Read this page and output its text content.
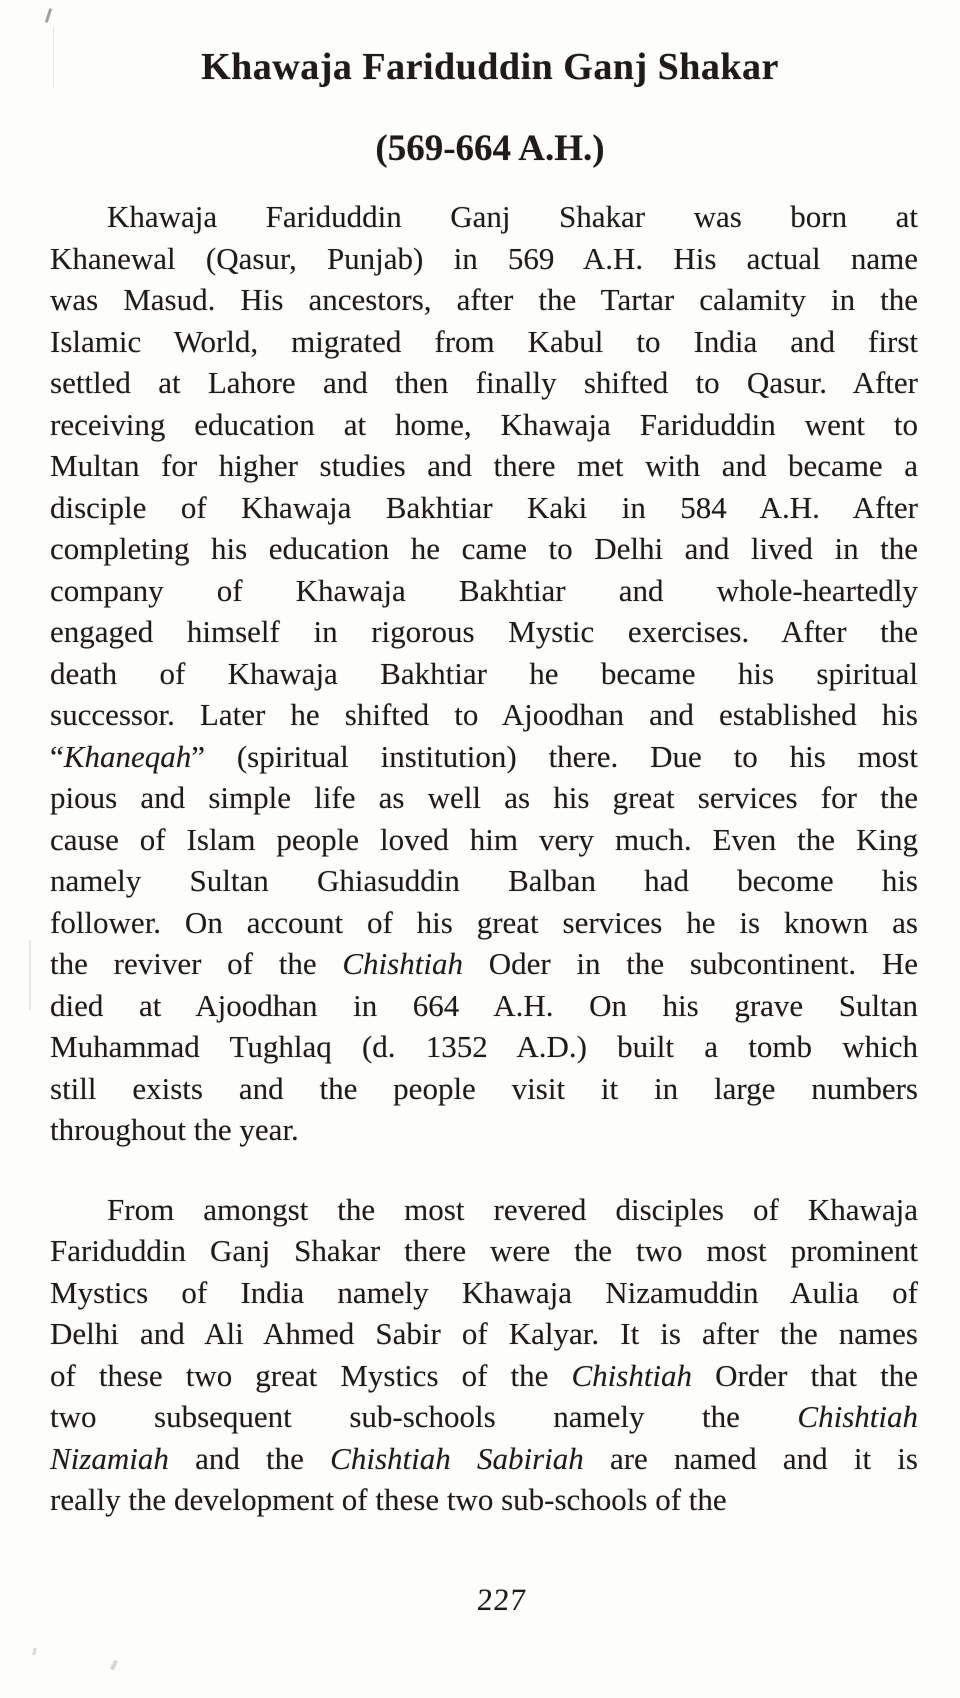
Khawaja Fariduddin Ganj Shakar
(569-664 A.H.)
Khawaja Fariduddin Ganj Shakar was born at
Khanewal (Qasur, Punjab) in 569 A.H. His actual name
was Masud. His ancestors, after the Tartar calamity in the
Islamic World, migrated from Kabul to India and first
settled at Lahore and then finally shifted to Qasur. After
receiving education at home, Khawaja Fariduddin went to
Multan for higher studies and there met with and became a
disciple of Khawaja Bakhtiar Kaki in 584 A.H. After
completing his education he came to Delhi and lived in the
company of Khawaja Bakhtiar and whole-heartedly
engaged himself in rigorous Mystic exercises. After the
death of Khawaja Bakhtiar he became his spiritual
successor. Later he shifted to Ajoodhan and established his
“Khaneqah” (spiritual institution) there. Due to his most
pious and simple life as well as his great services for the
cause of Islam people loved him very much. Even the King
namely Sultan Ghiasuddin Balban had become his
follower. On account of his great services he is known as
the reviver of the Chishtiah Oder in the subcontinent. He
died at Ajoodhan in 664 A.H. On his grave Sultan
Muhammad Tughlaq (d. 1352 A.D.) built a tomb which
still exists and the people visit it in large numbers
throughout the year.
From amongst the most revered disciples of Khawaja
Fariduddin Ganj Shakar there were the two most prominent
Mystics of India namely Khawaja Nizamuddin Aulia of
Delhi and Ali Ahmed Sabir of Kalyar. It is after the names
of these two great Mystics of the Chishtiah Order that the
two subsequent sub-schools namely the Chishtiah
Nizamiah and the Chishtiah Sabiriah are named and it is
really the development of these two sub-schools of the
227
